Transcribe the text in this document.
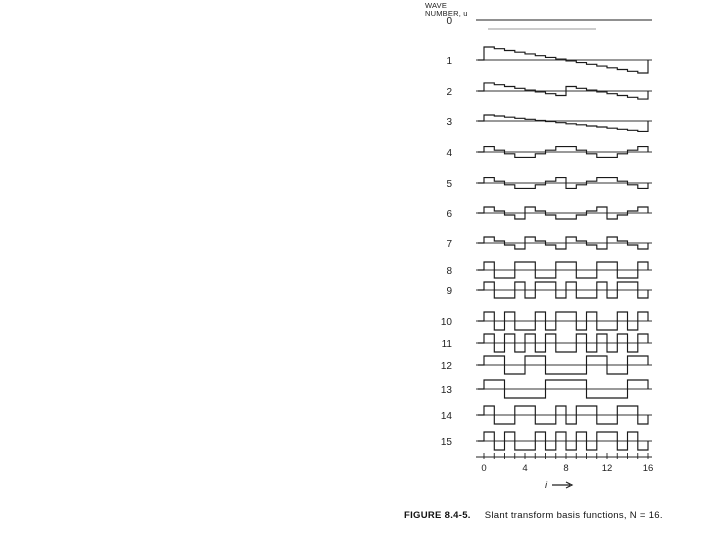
WAVE
NUMBER, u
0
1
2
3
4
5
6
7
8
9
10
11
12
13
14
15
0	4	8	12	16
i
FIGURE 8.4-5. Slant transform basis functions, N = 16.
